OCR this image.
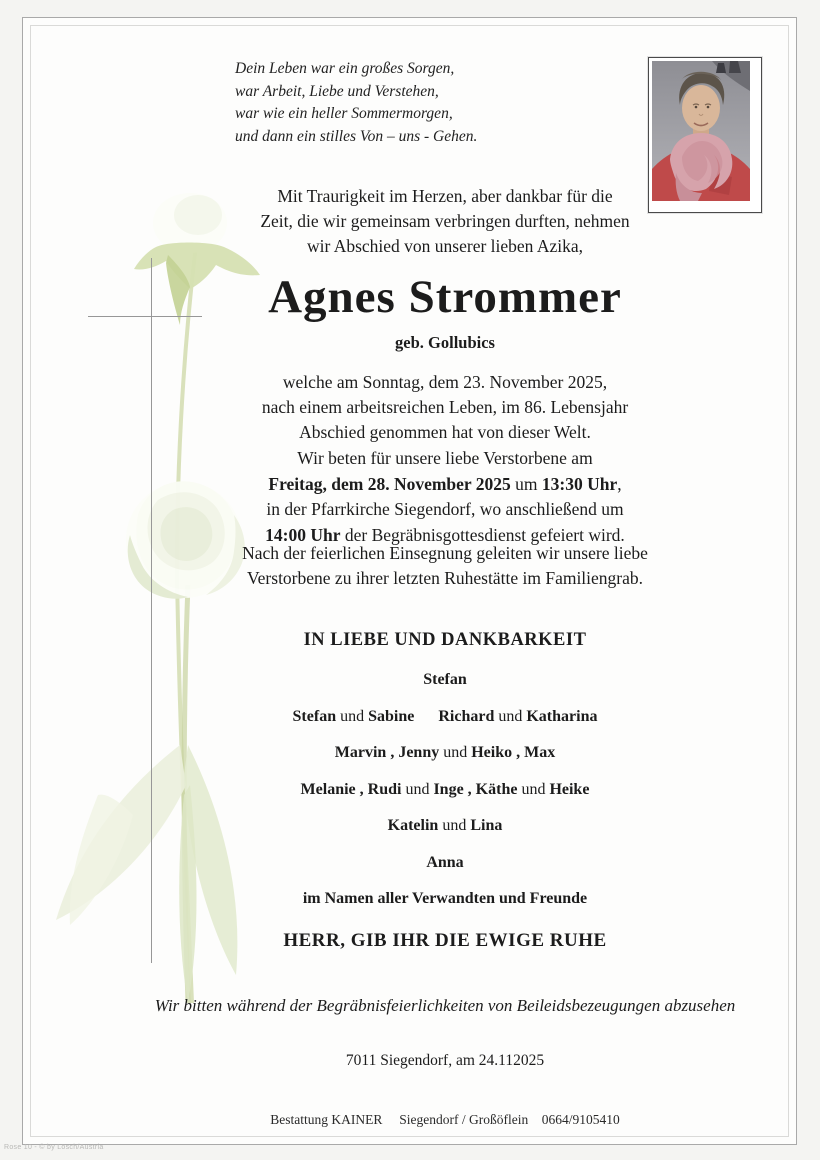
Dein Leben war ein großes Sorgen,
war Arbeit, Liebe und Verstehen,
war wie ein heller Sommermorgen,
und dann ein stilles Von – uns - Gehen.
Mit Traurigkeit im Herzen, aber dankbar für die
Zeit, die wir gemeinsam verbringen durften, nehmen
wir Abschied von unserer lieben Azika,
Agnes Strommer
geb. Gollubics
welche am Sonntag, dem 23. November 2025,
nach einem arbeitsreichen Leben, im 86. Lebensjahr
Abschied genommen hat von dieser Welt.
Wir beten für unsere liebe Verstorbene am
Freitag, dem 28. November 2025 um 13:30 Uhr,
in der Pfarrkirche Siegendorf, wo anschließend um
14:00 Uhr der Begräbnisgottesdienst gefeiert wird.
Nach der feierlichen Einsegnung geleiten wir unsere liebe
Verstorbene zu ihrer letzten Ruhestätte im Familiengrab.
IN LIEBE UND DANKBARKEIT
Stefan
Stefan und Sabine Richard und Katharina
Marvin , Jenny und Heiko , Max
Melanie , Rudi und Inge , Käthe und Heike
Katelin und Lina
Anna
im Namen aller Verwandten und Freunde
HERR, GIB IHR DIE EWIGE RUHE
Wir bitten während der Begräbnisfeierlichkeiten von Beileidsbezeugungen abzusehen
7011 Siegendorf, am 24.112025
Bestattung KAINER     Siegendorf / Großöflein    0664/9105410
Rose 10 - © by Lösch/Austria
